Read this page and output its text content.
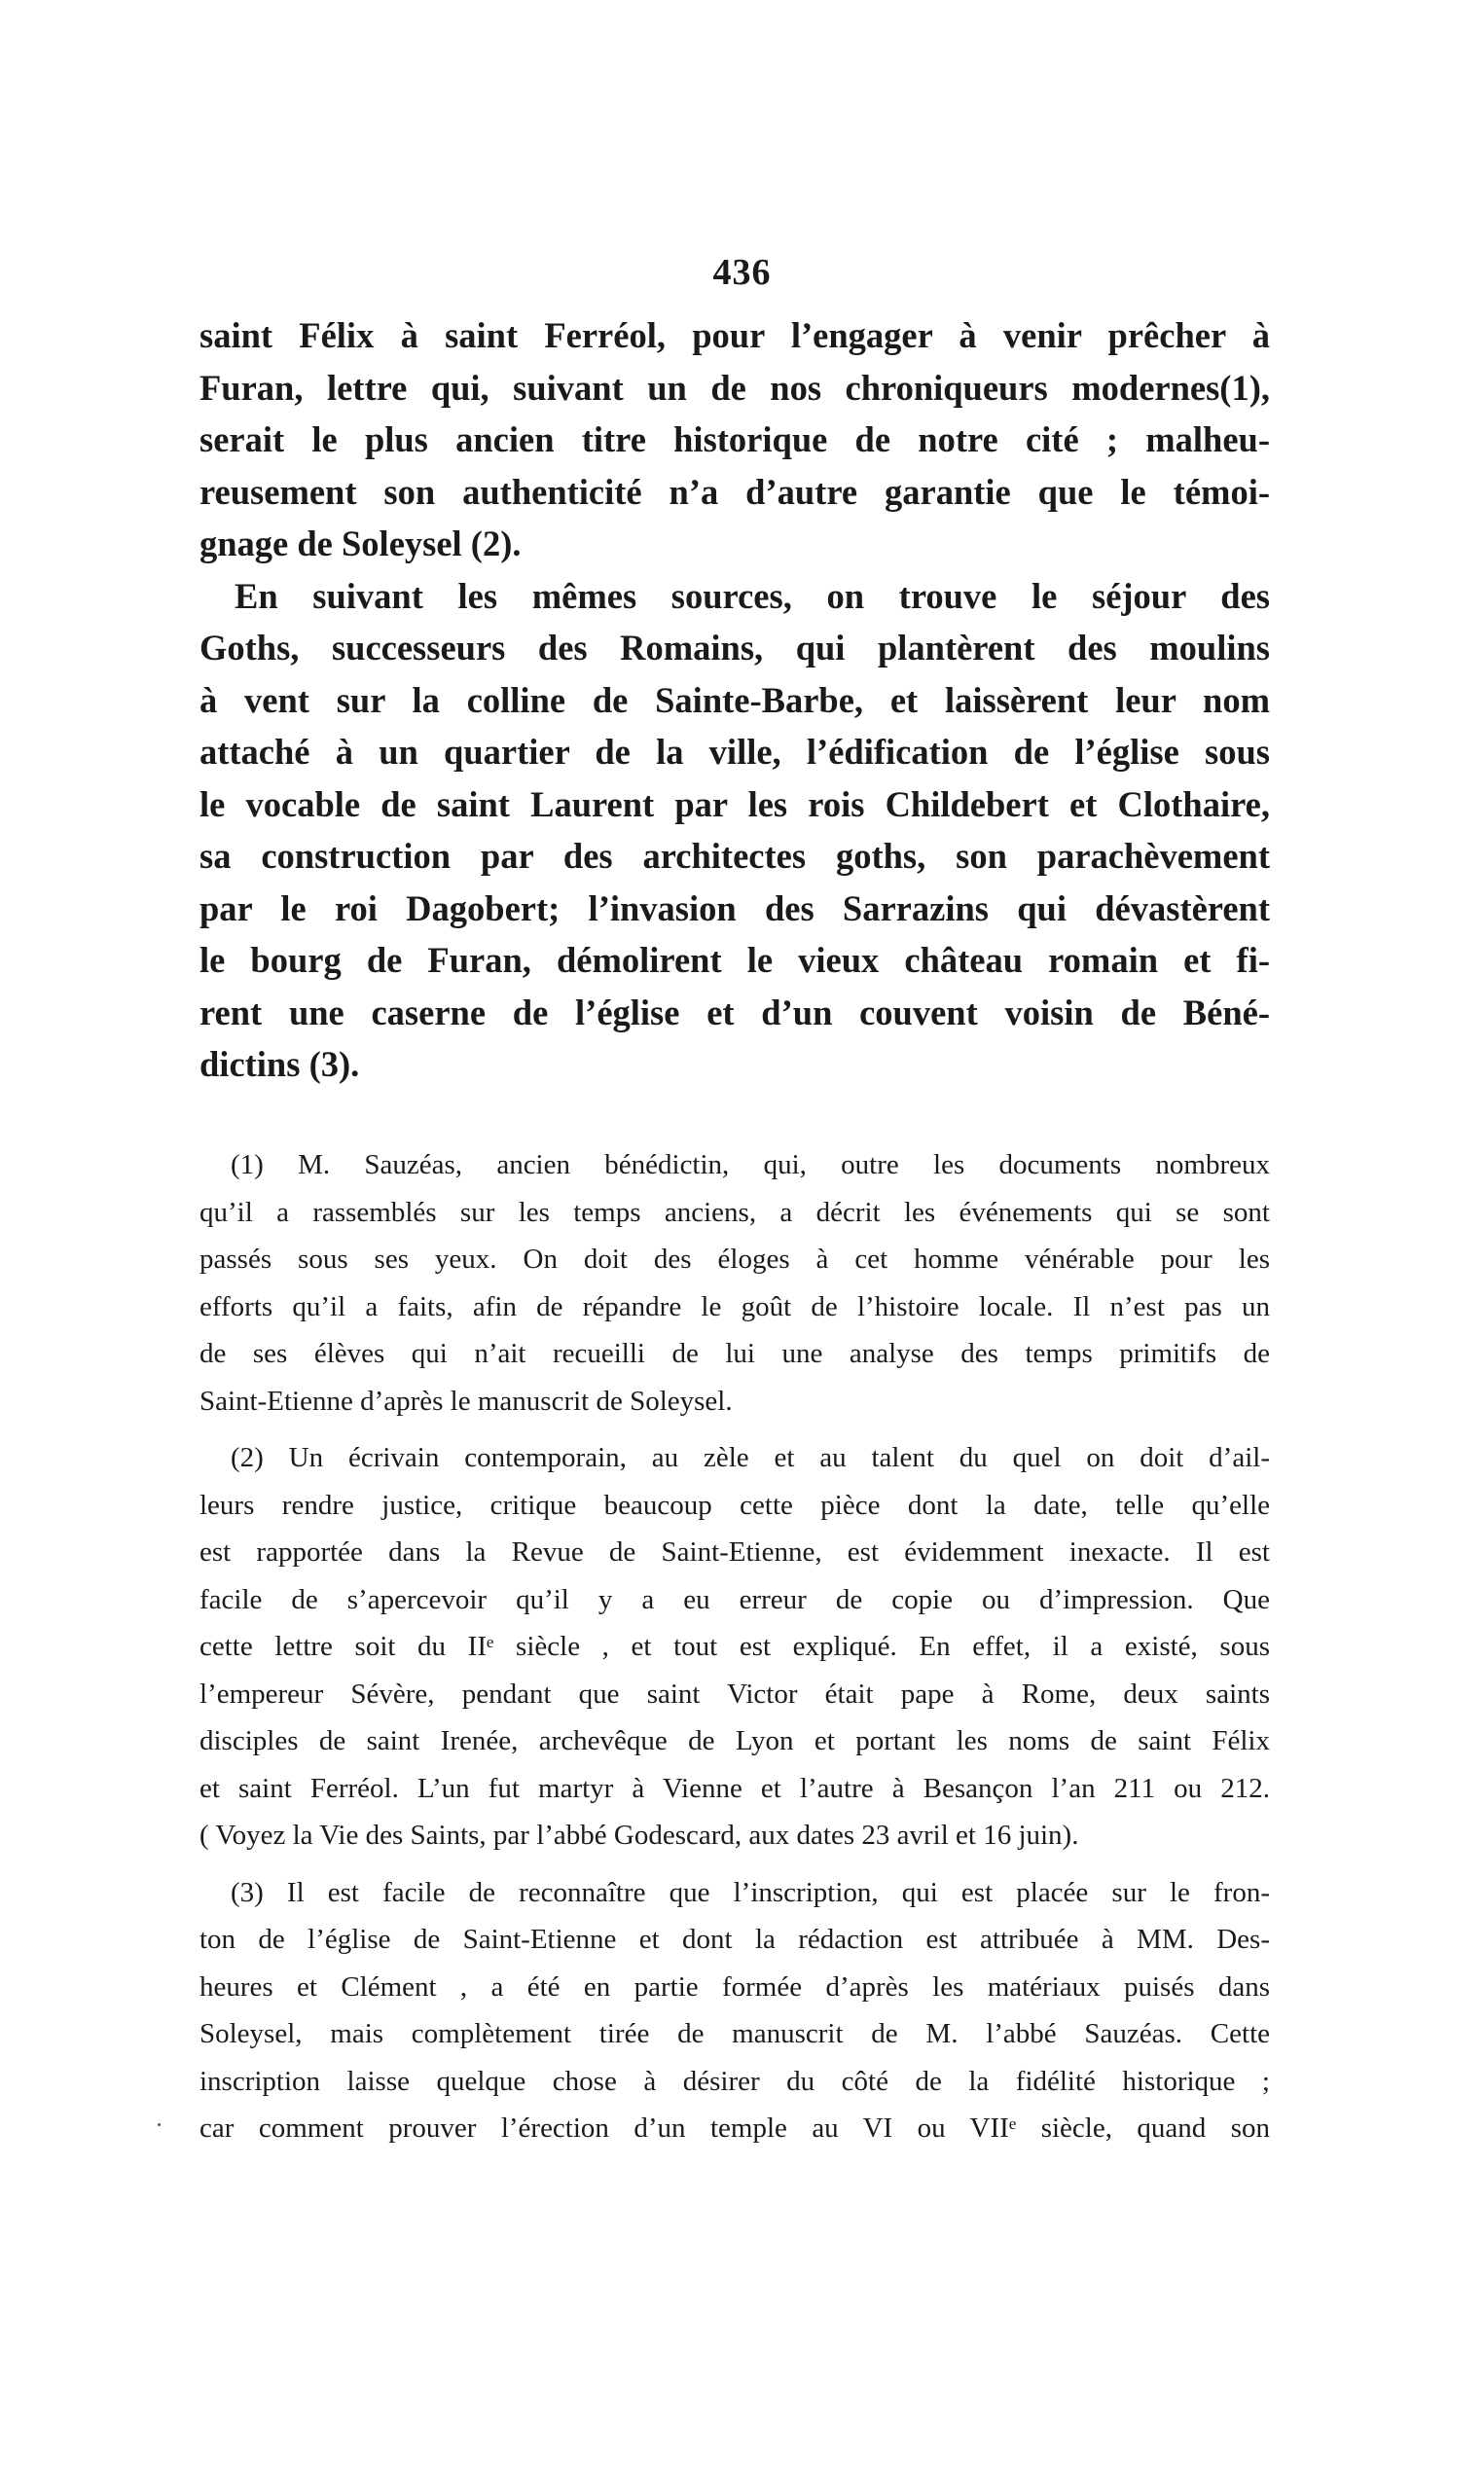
436
saint Félix à saint Ferréol, pour l’engager à venir prêcher à
Furan, lettre qui, suivant un de nos chroniqueurs modernes(1),
serait le plus ancien titre historique de notre cité ; malheu-
reusement son authenticité n’a d’autre garantie que le témoi-
gnage de Soleysel (2).
En suivant les mêmes sources, on trouve le séjour des
Goths, successeurs des Romains, qui plantèrent des moulins
à vent sur la colline de Sainte-Barbe, et laissèrent leur nom
attaché à un quartier de la ville, l’édification de l’église sous
le vocable de saint Laurent par les rois Childebert et Clothaire,
sa construction par des architectes goths, son parachèvement
par le roi Dagobert; l’invasion des Sarrazins qui dévastèrent
le bourg de Furan, démolirent le vieux château romain et fi-
rent une caserne de l’église et d’un couvent voisin de Béné-
dictins (3).
(1) M. Sauzéas, ancien bénédictin, qui, outre les documents nombreux
qu’il a rassemblés sur les temps anciens, a décrit les événements qui se sont
passés sous ses yeux. On doit des éloges à cet homme vénérable pour les
efforts qu’il a faits, afin de répandre le goût de l’histoire locale. Il n’est pas un
de ses élèves qui n’ait recueilli de lui une analyse des temps primitifs de
Saint-Etienne d’après le manuscrit de Soleysel.
(2) Un écrivain contemporain, au zèle et au talent du quel on doit d’ail-
leurs rendre justice, critique beaucoup cette pièce dont la date, telle qu’elle
est rapportée dans la Revue de Saint-Etienne, est évidemment inexacte. Il est
facile de s’apercevoir qu’il y a eu erreur de copie ou d’impression. Que
cette lettre soit du IIᵉ siècle , et tout est expliqué. En effet, il a existé, sous
l’empereur Sévère, pendant que saint Victor était pape à Rome, deux saints
disciples de saint Irenée, archevêque de Lyon et portant les noms de saint Félix
et saint Ferréol. L’un fut martyr à Vienne et l’autre à Besançon l’an 211 ou 212.
( Voyez la Vie des Saints, par l’abbé Godescard, aux dates 23 avril et 16 juin).
(3) Il est facile de reconnaître que l’inscription, qui est placée sur le fron-
ton de l’église de Saint-Etienne et dont la rédaction est attribuée à MM. Des-
heures et Clément , a été en partie formée d’après les matériaux puisés dans
Soleysel, mais complètement tirée de manuscrit de M. l’abbé Sauzéas. Cette
inscription laisse quelque chose à désirer du côté de la fidélité historique ;
car comment prouver l’érection d’un temple au VI ou VIIᵉ siècle, quand son
